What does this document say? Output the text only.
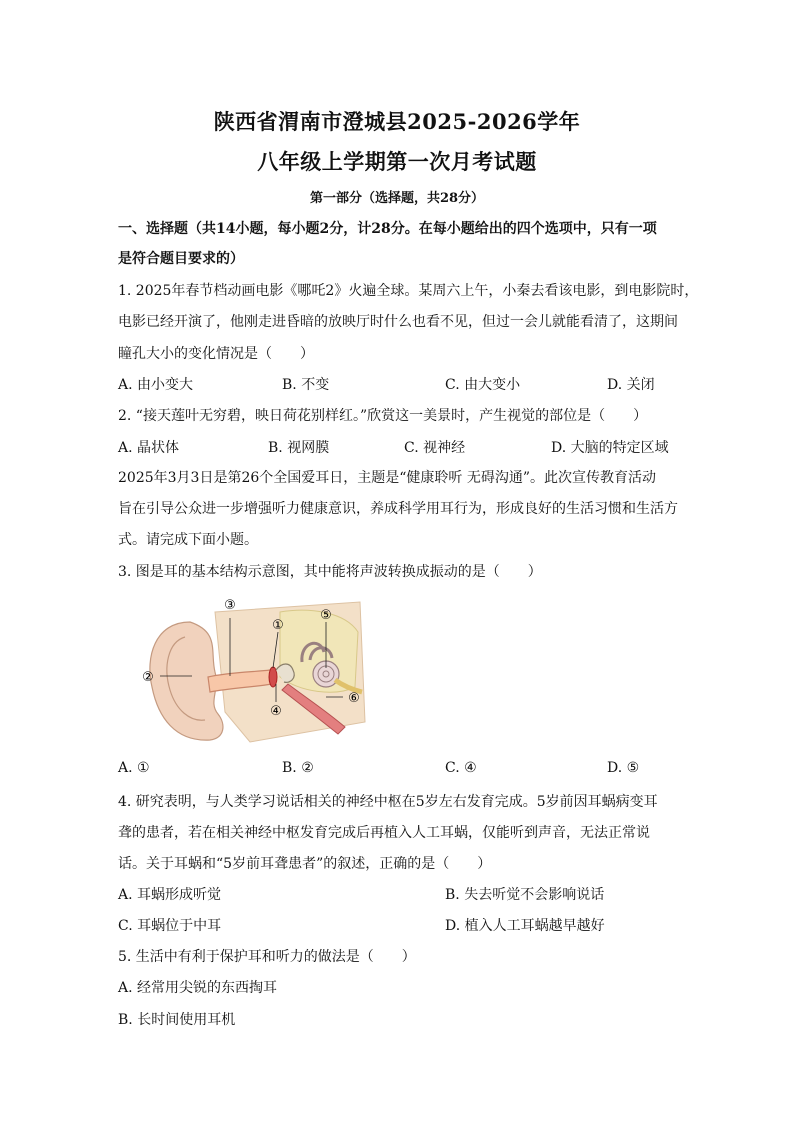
陕西省渭南市澄城县2025-2026学年
八年级上学期第一次月考试题
第一部分（选择题，共28分）
一、选择题（共14小题，每小题2分，计28分。在每小题给出的四个选项中，只有一项
是符合题目要求的）
1. 2025年春节档动画电影《哪吒2》火遍全球。某周六上午，小秦去看该电影，到电影院时，
电影已经开演了，他刚走进昏暗的放映厅时什么也看不见，但过一会儿就能看清了，这期间
瞳孔大小的变化情况是（　　）
A. 由小变大	B. 不变	C. 由大变小	D. 关闭
2. “接天莲叶无穷碧，映日荷花别样红。”欣赏这一美景时，产生视觉的部位是（　　）
A. 晶状体	B. 视网膜	C. 视神经	D. 大脑的特定区域
2025年3月3日是第26个全国爱耳日，主题是“健康聆听 无碍沟通”。此次宣传教育活动
旨在引导公众进一步增强听力健康意识，养成科学用耳行为，形成良好的生活习惯和生活方
式。请完成下面小题。
3. 图是耳的基本结构示意图，其中能将声波转换成振动的是（　　）
①
②
③
④
⑤
⑥
A. ①	B. ②	C. ④	D. ⑤
4. 研究表明，与人类学习说话相关的神经中枢在5岁左右发育完成。5岁前因耳蜗病变耳
聋的患者，若在相关神经中枢发育完成后再植入人工耳蜗，仅能听到声音，无法正常说
话。关于耳蜗和“5岁前耳聋患者”的叙述，正确的是（　　）
A. 耳蜗形成听觉	B. 失去听觉不会影响说话
C. 耳蜗位于中耳	D. 植入人工耳蜗越早越好
5. 生活中有利于保护耳和听力的做法是（　　）
A. 经常用尖锐的东西掏耳
B. 长时间使用耳机
